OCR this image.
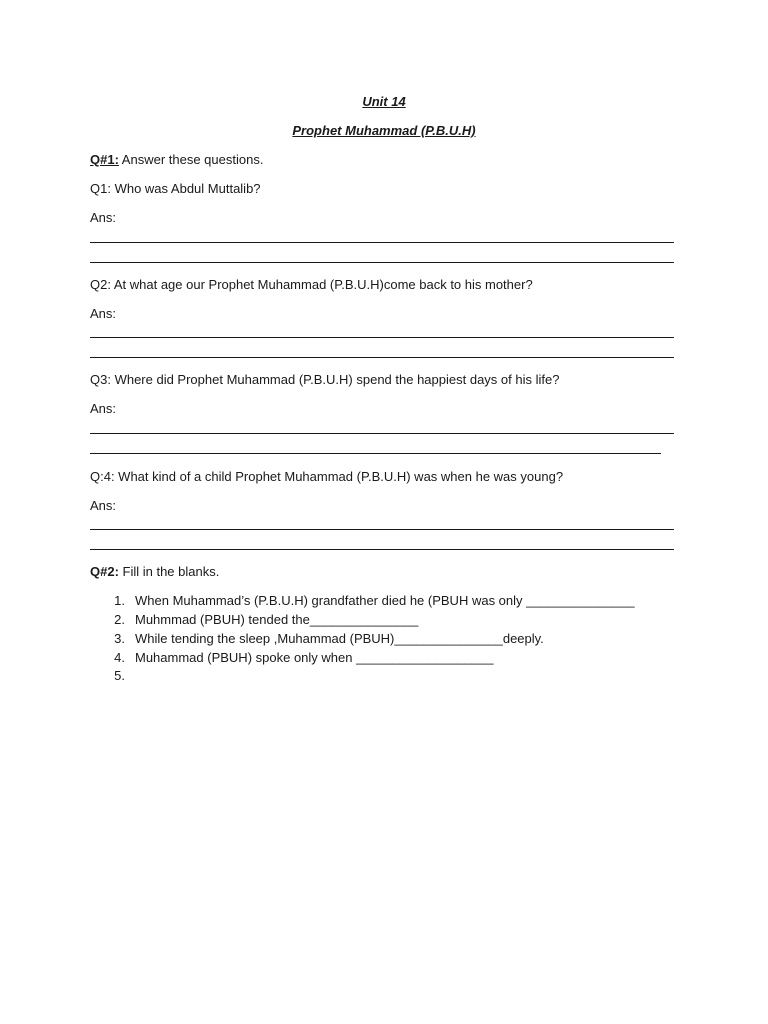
Unit 14
Prophet Muhammad (P.B.U.H)
Q#1: Answer these questions.
Q1: Who was Abdul Muttalib?
Ans:
Q2: At what age our Prophet Muhammad (P.B.U.H)come back to his mother?
Ans:
Q3: Where did Prophet Muhammad (P.B.U.H) spend the happiest days of his life?
Ans:
Q:4: What kind of a child Prophet Muhammad (P.B.U.H) was when he was young?
Ans:
Q#2: Fill in the blanks.
1. When Muhammad’s (P.B.U.H) grandfather died he (PBUH was only _______________
2. Muhmmad (PBUH) tended the_______________
3. While tending the sleep ,Muhammad (PBUH)_______________deeply.
4. Muhammad (PBUH) spoke only when ___________________
5.
